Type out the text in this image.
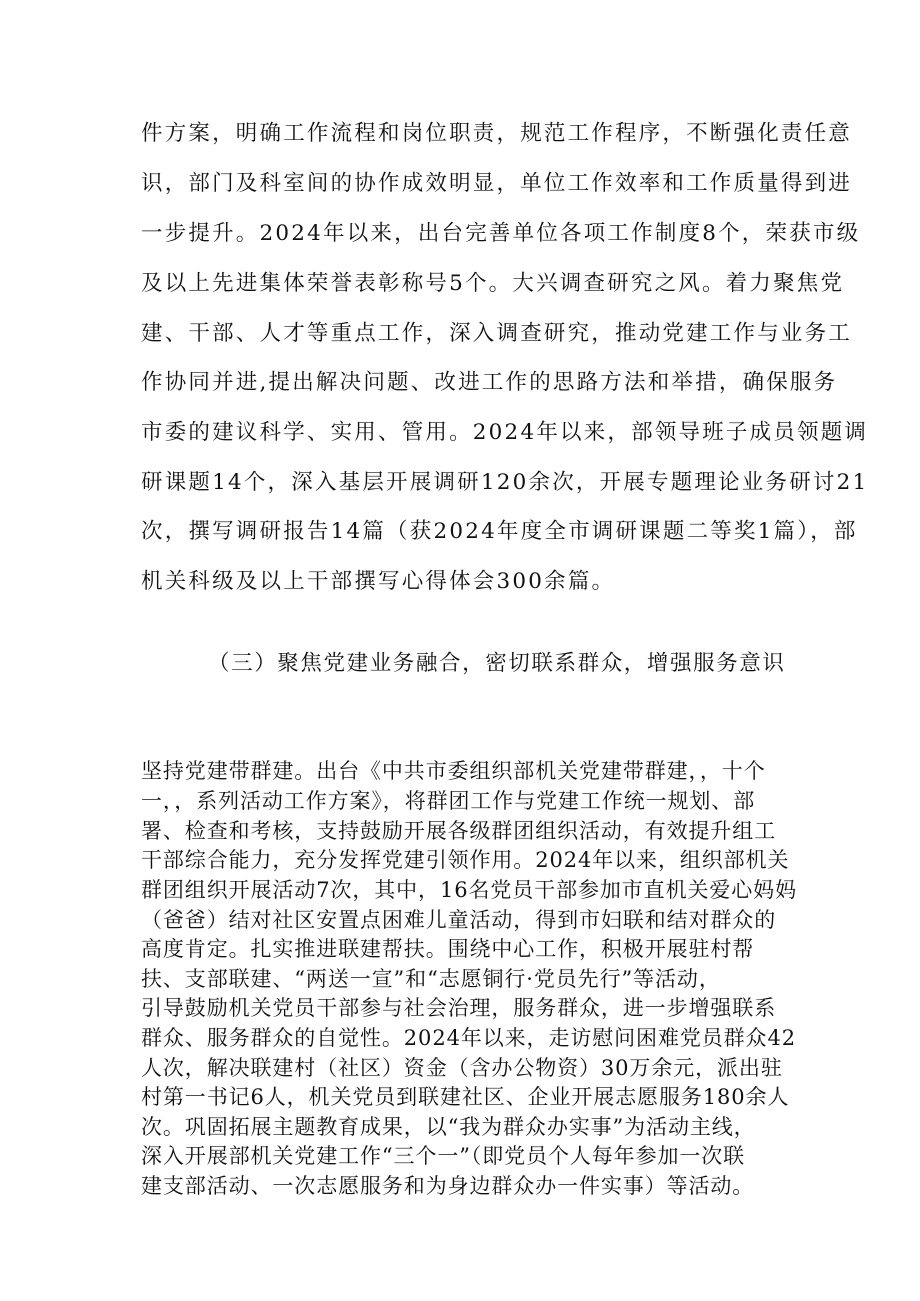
件方案，明确工作流程和岗位职责，规范工作程序，不断强化责任意

识，部门及科室间的协作成效明显，单位工作效率和工作质量得到进

一步提升。2024年以来，出台完善单位各项工作制度8个，荣获市级

及以上先进集体荣誉表彰称号5个。大兴调查研究之风。着力聚焦党

建、干部、人才等重点工作，深入调查研究，推动党建工作与业务工

作协同并进,提出解决问题、改进工作的思路方法和举措，确保服务

市委的建议科学、实用、管用。2024年以来，部领导班子成员领题调

研课题14个，深入基层开展调研120余次，开展专题理论业务研讨21

次，撰写调研报告14篇（获2024年度全市调研课题二等奖1篇），部

机关科级及以上干部撰写心得体会300余篇。

（三）聚焦党建业务融合，密切联系群众，增强服务意识

坚持党建带群建。出台《中共市委组织部机关党建带群建，，十个

一，，系列活动工作方案》，将群团工作与党建工作统一规划、部

署、检查和考核，支持鼓励开展各级群团组织活动，有效提升组工

干部综合能力，充分发挥党建引领作用。2024年以来，组织部机关

群团组织开展活动7次，其中，16名党员干部参加市直机关爱心妈妈

（爸爸）结对社区安置点困难儿童活动，得到市妇联和结对群众的

高度肯定。扎实推进联建帮扶。围绕中心工作，积极开展驻村帮

扶、支部联建、“两送一宣”和“志愿铜行·党员先行”等活动，

引导鼓励机关党员干部参与社会治理，服务群众，进一步增强联系

群众、服务群众的自觉性。2024年以来，走访慰问困难党员群众42

人次，解决联建村（社区）资金（含办公物资）30万余元，派出驻

村第一书记6人，机关党员到联建社区、企业开展志愿服务180余人

次。巩固拓展主题教育成果，以“我为群众办实事”为活动主线，

深入开展部机关党建工作“三个一”（即党员个人每年参加一次联

建支部活动、一次志愿服务和为身边群众办一件实事）等活动。
